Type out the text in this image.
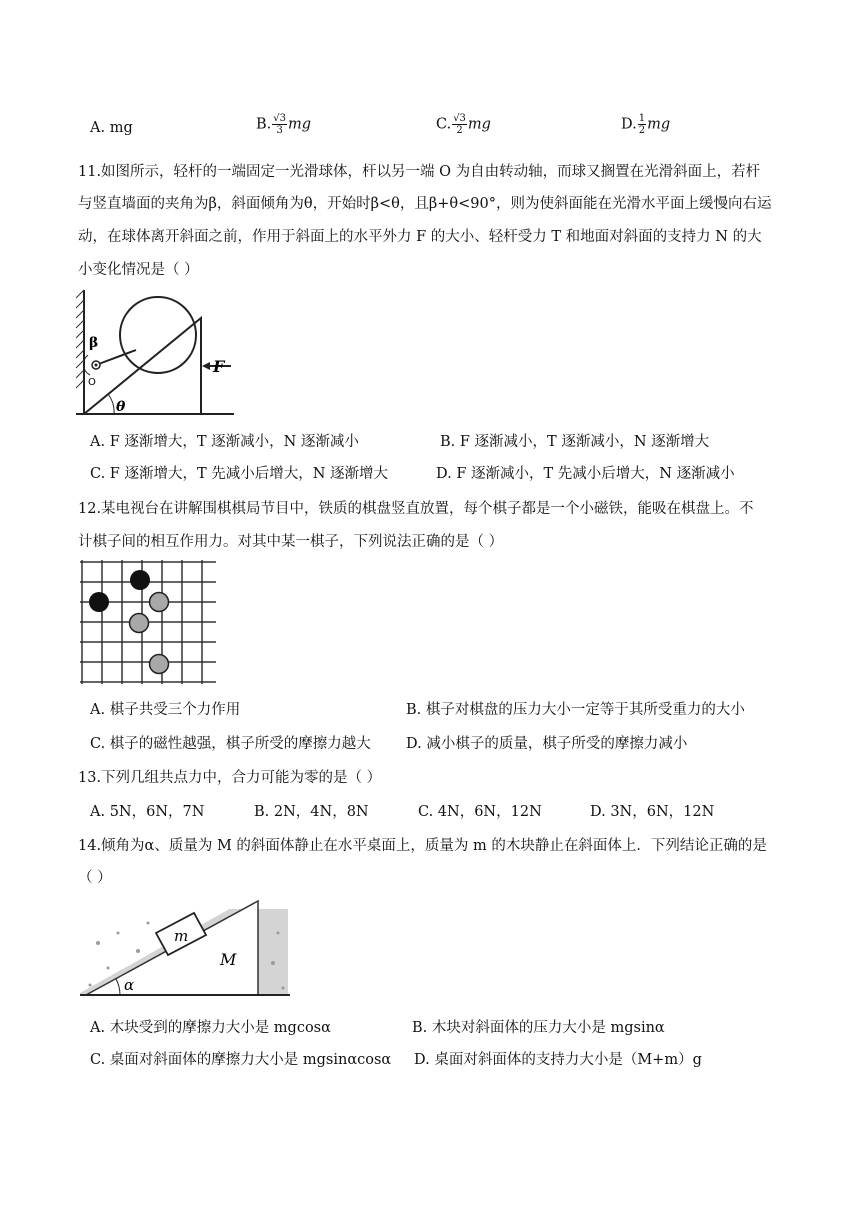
A. mg	B. $\frac{√3}{3}$ mg	C. $\frac{√3}{2}$ mg	D. $\frac{1}{2}$ mg
11.如图所示，轻杆的一端固定一光滑球体，杆以另一端 O 为自由转动轴，而球又搁置在光滑斜面上，若杆
与竖直墙面的夹角为β，斜面倾角为θ，开始时β<θ，且β+θ<90°，则为使斜面能在光滑水平面上缓慢向右运
动，在球体离开斜面之前，作用于斜面上的水平外力 F 的大小、轻杆受力 T 和地面对斜面的支持力 N 的大
小变化情况是（ ）
β
O
F
θ
A. F 逐渐增大，T 逐渐减小，N 逐渐减小	B. F 逐渐减小，T 逐渐减小，N 逐渐增大
C. F 逐渐增大，T 先减小后增大，N 逐渐增大	D. F 逐渐减小，T 先减小后增大，N 逐渐减小
12.某电视台在讲解围棋棋局节目中，铁质的棋盘竖直放置，每个棋子都是一个小磁铁，能吸在棋盘上。不
计棋子间的相互作用力。对其中某一棋子，下列说法正确的是（ ）
A. 棋子共受三个力作用	B. 棋子对棋盘的压力大小一定等于其所受重力的大小
C. 棋子的磁性越强，棋子所受的摩擦力越大 D. 减小棋子的质量，棋子所受的摩擦力减小
13.下列几组共点力中，合力可能为零的是（ ）
A. 5N，6N，7N	B. 2N，4N，8N	C. 4N，6N，12N	D. 3N，6N，12N
14.倾角为α、质量为 M 的斜面体静止在水平桌面上，质量为 m 的木块静止在斜面体上．下列结论正确的是
（ ）
m
M
α
A. 木块受到的摩擦力大小是 mgcosα	B. 木块对斜面体的压力大小是 mgsinα
C. 桌面对斜面体的摩擦力大小是 mgsinαcosα D. 桌面对斜面体的支持力大小是（M+m）g
